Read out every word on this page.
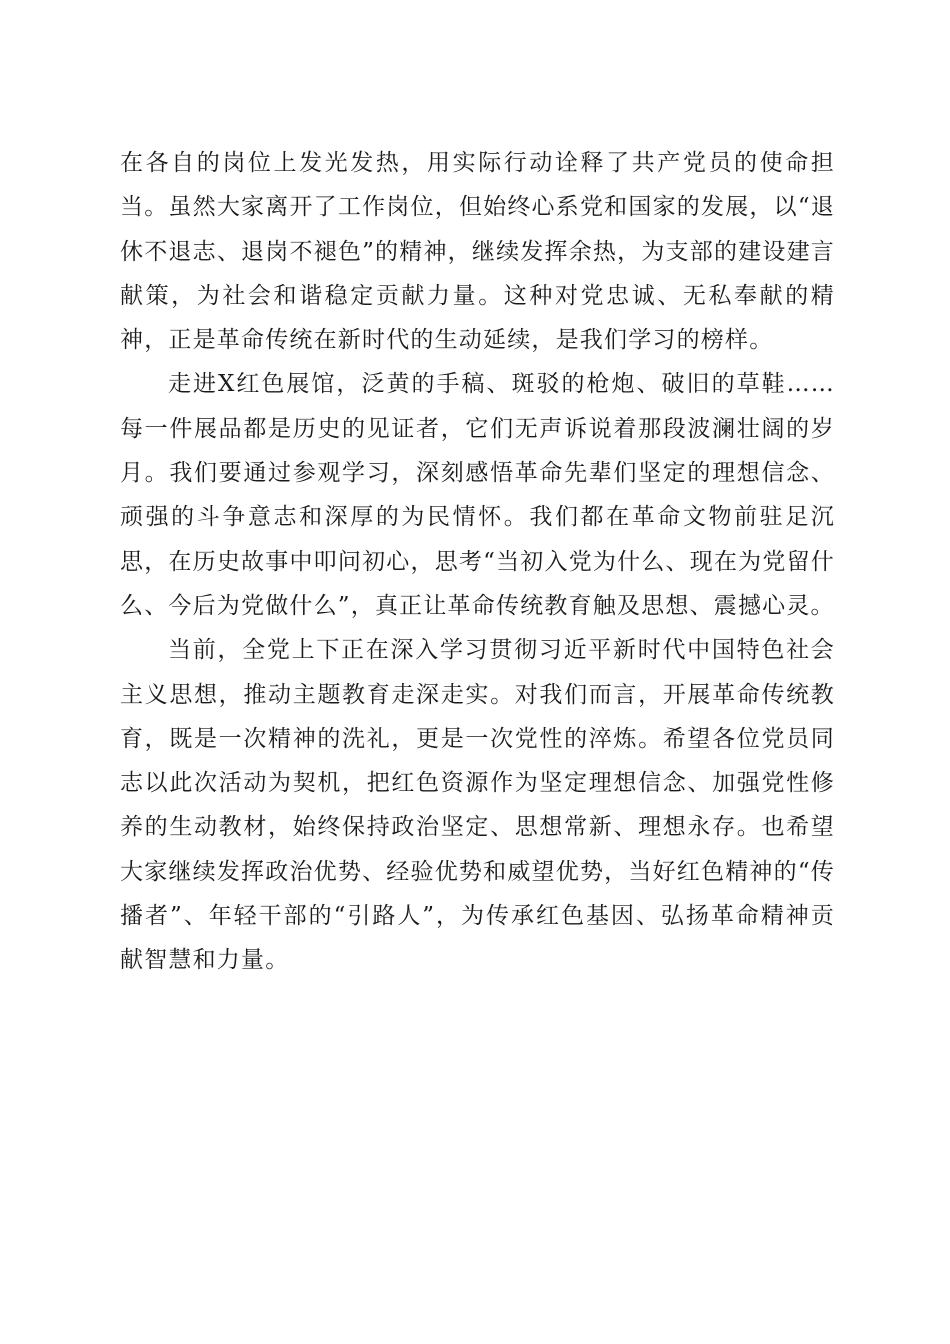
在各自的岗位上发光发热，用实际行动诠释了共产党员的使命担当。虽然大家离开了工作岗位，但始终心系党和国家的发展，以“退休不退志、退岗不褪色”的精神，继续发挥余热，为支部的建设建言献策，为社会和谐稳定贡献力量。这种对党忠诚、无私奉献的精神，正是革命传统在新时代的生动延续，是我们学习的榜样。

走进X红色展馆，泛黄的手稿、斑驳的枪炮、破旧的草鞋……每一件展品都是历史的见证者，它们无声诉说着那段波澜壮阔的岁月。我们要通过参观学习，深刻感悟革命先辈们坚定的理想信念、顽强的斗争意志和深厚的为民情怀。我们都在革命文物前驻足沉思，在历史故事中叩问初心，思考“当初入党为什么、现在为党留什么、今后为党做什么”，真正让革命传统教育触及思想、震撼心灵。

当前，全党上下正在深入学习贯彻习近平新时代中国特色社会主义思想，推动主题教育走深走实。对我们而言，开展革命传统教育，既是一次精神的洗礼，更是一次党性的淬炼。希望各位党员同志以此次活动为契机，把红色资源作为坚定理想信念、加强党性修养的生动教材，始终保持政治坚定、思想常新、理想永存。也希望大家继续发挥政治优势、经验优势和威望优势，当好红色精神的“传播者”、年轻干部的“引路人”，为传承红色基因、弘扬革命精神贡献智慧和力量。
